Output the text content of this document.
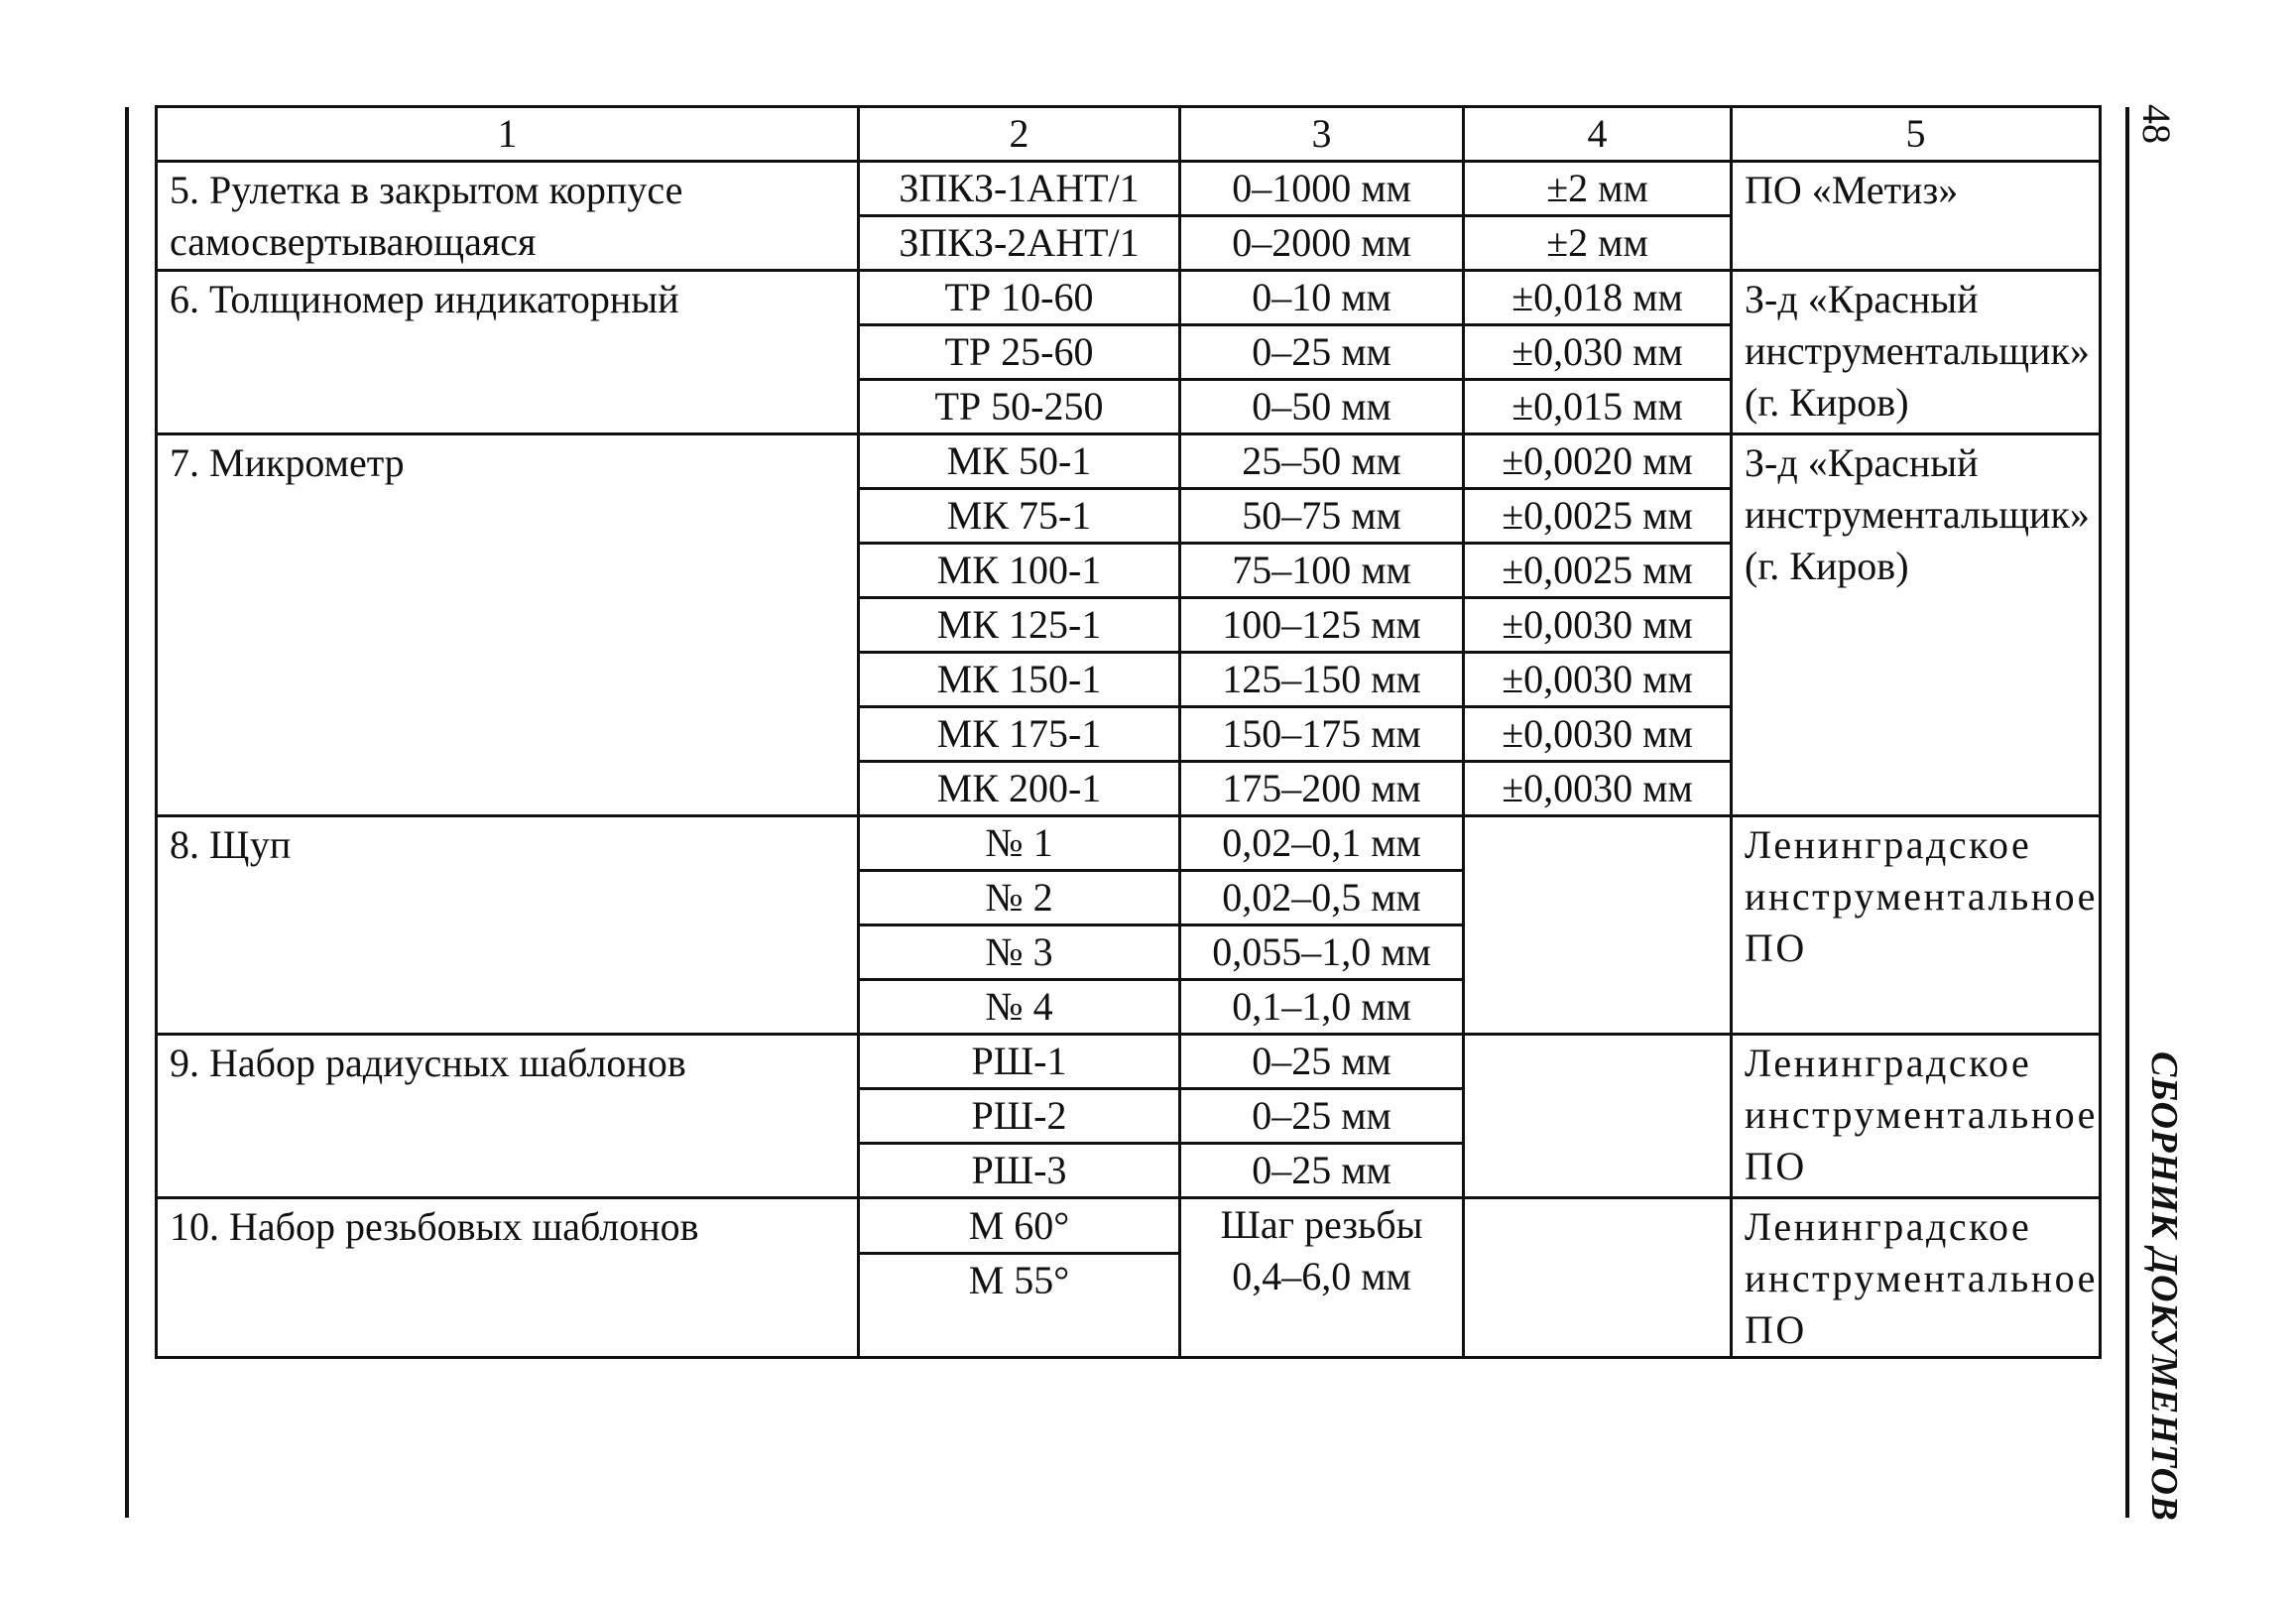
48
СБОРНИК ДОКУМЕНТОВ
1	2	3	4	5
5. Рулетка в закрытом корпусе самосвертывающаяся	ЗПКЗ-1АНТ/1	0–1000 мм	±2 мм	ПО «Метиз»
	ЗПКЗ-2АНТ/1	0–2000 мм	±2 мм	
6. Толщиномер индикаторный	ТР 10-60	0–10 мм	±0,018 мм	З-д «Красный инструментальщик» (г. Киров)
	ТР 25-60	0–25 мм	±0,030 мм	
	ТР 50-250	0–50 мм	±0,015 мм	
7. Микрометр	МК 50-1	25–50 мм	±0,0020 мм	З-д «Красный инструментальщик» (г. Киров)
	МК 75-1	50–75 мм	±0,0025 мм	
	МК 100-1	75–100 мм	±0,0025 мм	
	МК 125-1	100–125 мм	±0,0030 мм	
	МК 150-1	125–150 мм	±0,0030 мм	
	МК 175-1	150–175 мм	±0,0030 мм	
	МК 200-1	175–200 мм	±0,0030 мм	
8. Щуп	№ 1	0,02–0,1 мм		Ленинградское инструментальное ПО
	№ 2	0,02–0,5 мм		
	№ 3	0,055–1,0 мм		
	№ 4	0,1–1,0 мм		
9. Набор радиусных шаблонов	РШ-1	0–25 мм		Ленинградское инструментальное ПО
	РШ-2	0–25 мм		
	РШ-3	0–25 мм		
10. Набор резьбовых шаблонов	М 60°	Шаг резьбы 0,4–6,0 мм		Ленинградское инструментальное ПО
	М 55°			
